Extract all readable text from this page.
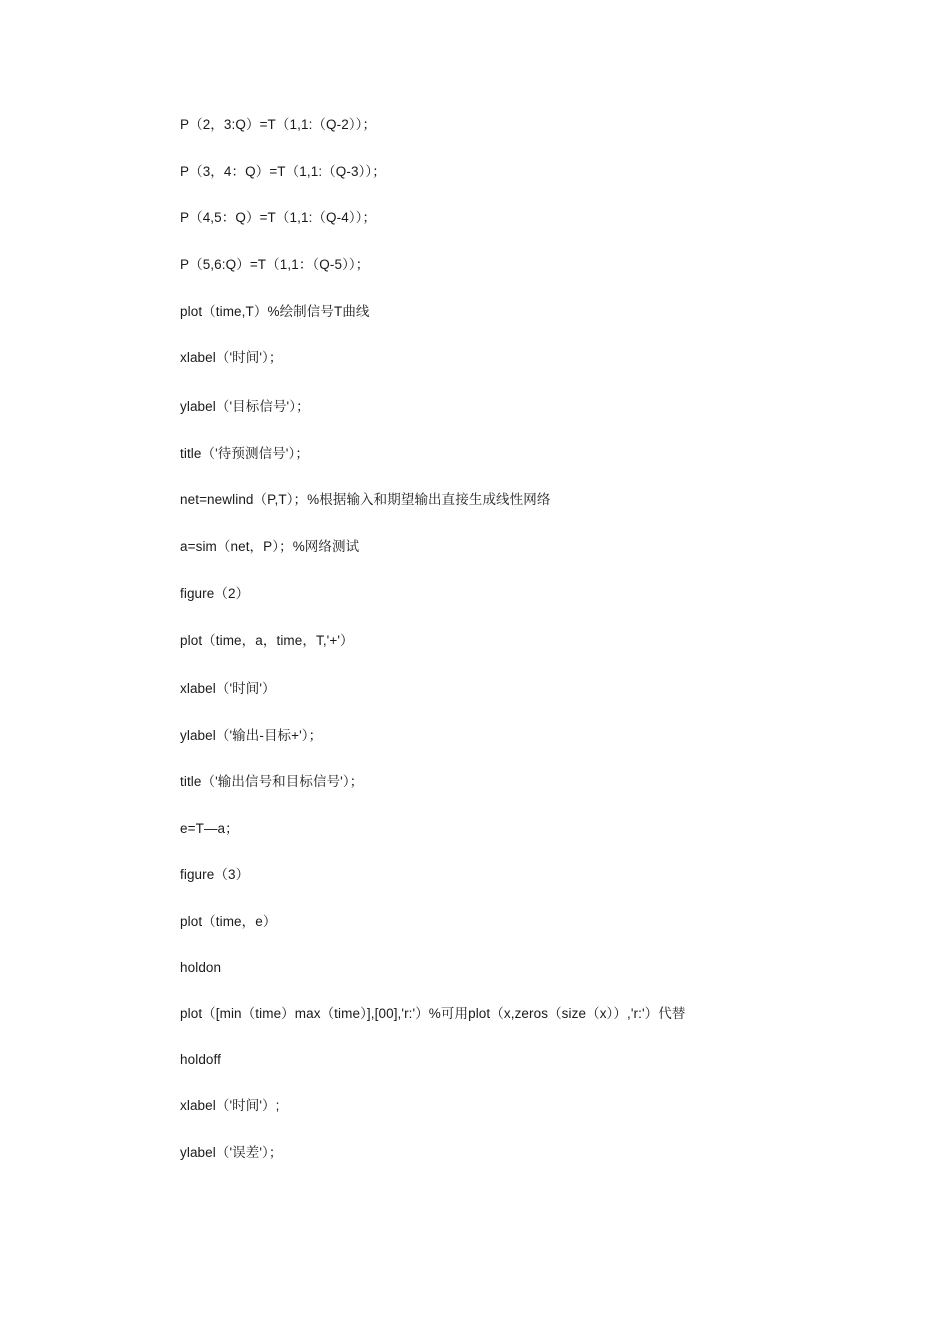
P（2，3:Q）=T（1,1:（Q-2））；
P（3，4：Q）=T（1,1:（Q-3））；
P（4,5：Q）=T（1,1:（Q-4））；
P（5,6:Q）=T（1,1：（Q-5））；
plot（time,T）%绘制信号T曲线
xlabel（'时间'）；
ylabel（'目标信号'）；
title（'待预测信号'）；
net=newlind（P,T）；%根据输入和期望输出直接生成线性网络
a=sim（net，P）；%网络测试
figure（2）
plot（time，a，time，T,'+'）
xlabel（'时间'）
ylabel（'输出-目标+'）；
title（'输出信号和目标信号'）；
e=T—a；
figure（3）
plot（time，e）
holdon
plot（[min（time）max（time）],[00],'r:'）%可用plot（x,zeros（size（x））,'r:'）代替
holdoff
xlabel（'时间'）;
ylabel（'误差'）；
